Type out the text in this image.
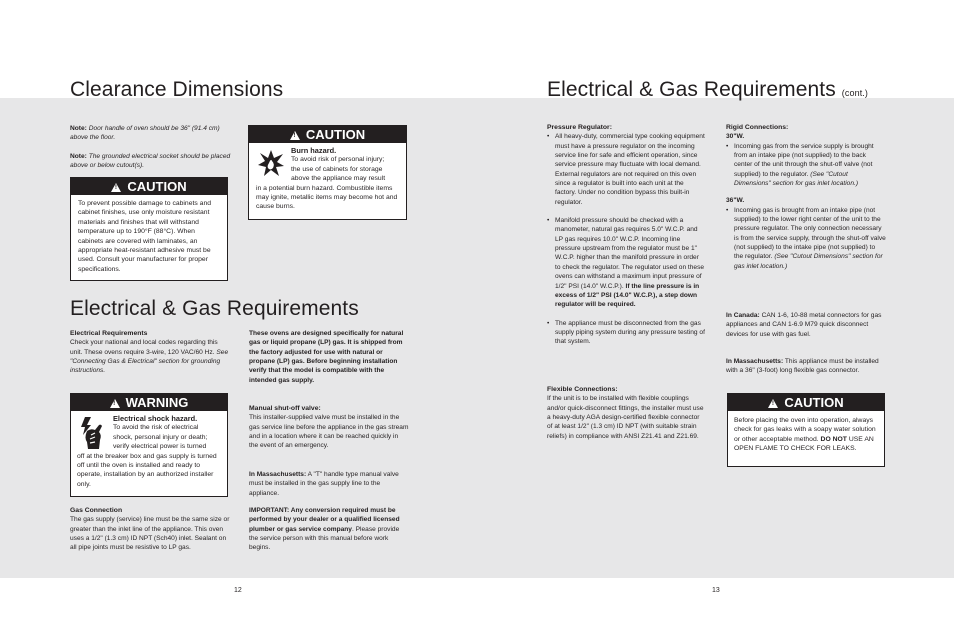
Clearance Dimensions
Note: Door handle of oven should be 36" (91.4 cm) above the floor.
Note: The grounded electrical socket should be placed above or below cutout(s).
!CAUTION
To prevent possible damage to cabinets and cabinet finishes, use only moisture resistant materials and finishes that will withstand temperature up to 190°F (88°C). When cabinets are covered with laminates, an appropriate heat-resistant adhesive must be used. Consult your manufacturer for proper specifications.
!CAUTION
Burn hazard.
To avoid risk of personal injury;
the use of cabinets for storage
above the appliance may result
in a potential burn hazard. Combustible items may ignite, metallic items may become hot and cause burns.
Electrical & Gas Requirements
Electrical Requirements
Check your national and local codes regarding this unit. These ovens require 3-wire, 120 VAC/60 Hz. See "Connecting Gas & Electrical" section for grounding instructions.
!WARNING
Electrical shock hazard.
To avoid the risk of electrical
shock, personal injury or death;
verify electrical power is turned
off at the breaker box and gas supply is turned off until the oven is installed and ready to operate, installation by an authorized installer only.
Gas Connection
The gas supply (service) line must be the same size or greater than the inlet line of the appliance. This oven uses a 1/2" (1.3 cm) ID NPT (Sch40) inlet. Sealant on all pipe joints must be resistive to LP gas.
These ovens are designed specifically for natural gas or liquid propane (LP) gas. It is shipped from the factory adjusted for use with natural or propane (LP) gas. Before beginning installation verify that the model is compatible with the intended gas supply.
Manual shut-off valve:
This installer-supplied valve must be installed in the gas service line before the appliance in the gas stream and in a location where it can be reached quickly in the event of an emergency.
In Massachusetts: A "T" handle type manual valve must be installed in the gas supply line to the appliance.
IMPORTANT: Any conversion required must be performed by your dealer or a qualified licensed plumber or gas service company. Please provide the service person with this manual before work begins.
12
Electrical & Gas Requirements (cont.)
Pressure Regulator:
• All heavy-duty, commercial type cooking equipment must have a pressure regulator on the incoming service line for safe and efficient operation, since service pressure may fluctuate with local demand. External regulators are not required on this oven since a regulator is built into each unit at the factory. Under no condition bypass this built-in regulator.
• Manifold pressure should be checked with a manometer, natural gas requires 5.0" W.C.P. and LP gas requires 10.0" W.C.P. Incoming line pressure upstream from the regulator must be 1" W.C.P. higher than the manifold pressure in order to check the regulator. The regulator used on these ovens can withstand a maximum input pressure of 1/2" PSI (14.0" W.C.P.). If the line pressure is in excess of 1/2" PSI (14.0" W.C.P.), a step down regulator will be required.
• The appliance must be disconnected from the gas supply piping system during any pressure testing of that system.
Flexible Connections:
If the unit is to be installed with flexible couplings and/or quick-disconnect fittings, the installer must use a heavy-duty AGA design-certified flexible connector of at least 1/2" (1.3 cm) ID NPT (with suitable strain reliefs) in compliance with ANSI Z21.41 and Z21.69.
Rigid Connections:
30"W.
• Incoming gas from the service supply is brought from an intake pipe (not supplied) to the back center of the unit through the shut-off valve (not supplied) to the regulator. (See "Cutout Dimensions" section for gas inlet location.)
36"W.
• Incoming gas is brought from an intake pipe (not supplied) to the lower right center of the unit to the pressure regulator. The only connection necessary is from the service supply, through the shut-off valve (not supplied) to the intake pipe (not supplied) to the regulator. (See "Cutout Dimensions" section for gas inlet location.)
In Canada: CAN 1-6, 10-88 metal connectors for gas appliances and CAN 1-6.9 M79 quick disconnect devices for use with gas fuel.
In Massachusetts: This appliance must be installed with a 36" (3-foot) long flexible gas connector.
!CAUTION
Before placing the oven into operation, always check for gas leaks with a soapy water solution or other acceptable method. DO NOT USE AN OPEN FLAME TO CHECK FOR LEAKS.
13
